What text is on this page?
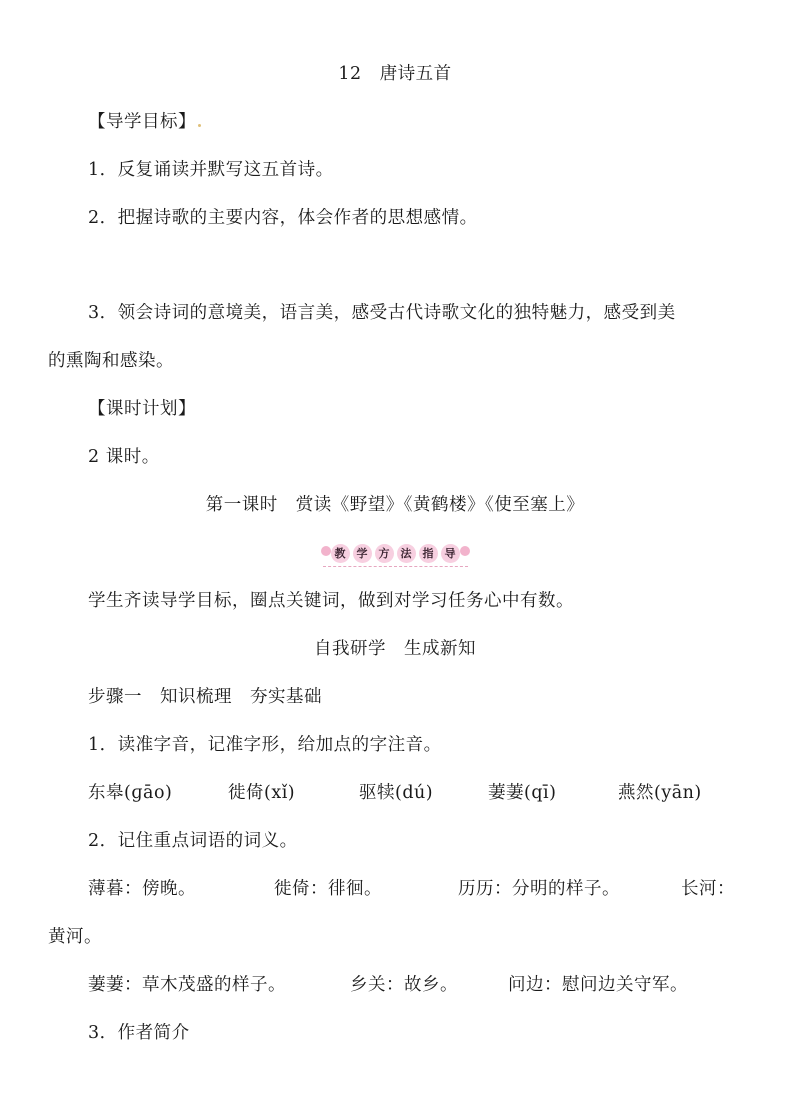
12　唐诗五首
【导学目标】
1．反复诵读并默写这五首诗。
2．把握诗歌的主要内容，体会作者的思想感情。
3．领会诗词的意境美，语言美，感受古代诗歌文化的独特魅力，感受到美
的熏陶和感染。
【课时计划】
2 课时。
第一课时　赏读《野望》《黄鹤楼》《使至塞上》
教	学	方	法	指	导
学生齐读导学目标，圈点关键词，做到对学习任务心中有数。
自我研学　生成新知
步骤一　知识梳理　夯实基础
1．读准字音，记准字形，给加点的字注音。
东皋(ɡāo)	徙倚(xǐ)	驱犊(dú)	萋萋(qī)	燕然(yān)
2．记住重点词语的词义。
薄暮：傍晚。	徙倚：徘徊。	历历：分明的样子。	长河：
黄河。
萋萋：草木茂盛的样子。	乡关：故乡。	问边：慰问边关守军。
3．作者简介
